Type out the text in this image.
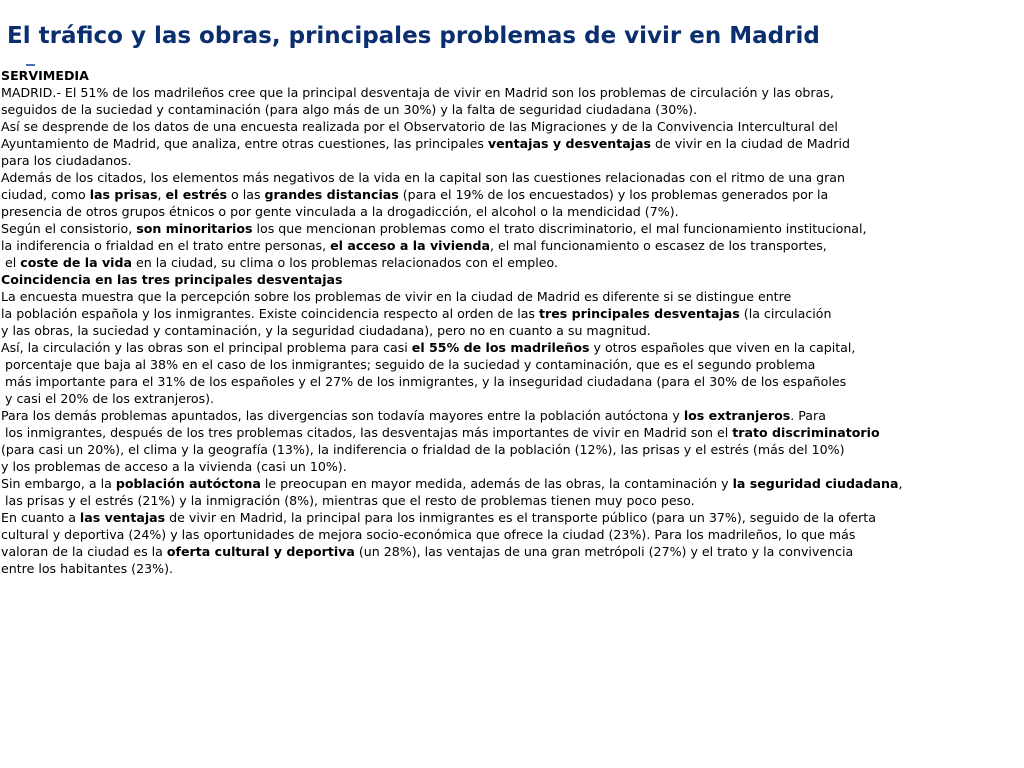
El tráfico y las obras, principales problemas de vivir en Madrid
SERVIMEDIA
MADRID.- El 51% de los madrileños cree que la principal desventaja de vivir en Madrid son los problemas de circulación y las obras,
seguidos de la suciedad y contaminación (para algo más de un 30%) y la falta de seguridad ciudadana (30%).
Así se desprende de los datos de una encuesta realizada por el Observatorio de las Migraciones y de la Convivencia Intercultural del
Ayuntamiento de Madrid, que analiza, entre otras cuestiones, las principales ventajas y desventajas de vivir en la ciudad de Madrid
para los ciudadanos.
Además de los citados, los elementos más negativos de la vida en la capital son las cuestiones relacionadas con el ritmo de una gran
ciudad, como las prisas, el estrés o las grandes distancias (para el 19% de los encuestados) y los problemas generados por la
presencia de otros grupos étnicos o por gente vinculada a la drogadicción, el alcohol o la mendicidad (7%).
Según el consistorio, son minoritarios los que mencionan problemas como el trato discriminatorio, el mal funcionamiento institucional,
la indiferencia o frialdad en el trato entre personas, el acceso a la vivienda, el mal funcionamiento o escasez de los transportes,
el coste de la vida en la ciudad, su clima o los problemas relacionados con el empleo.
Coincidencia en las tres principales desventajas
La encuesta muestra que la percepción sobre los problemas de vivir en la ciudad de Madrid es diferente si se distingue entre
la población española y los inmigrantes. Existe coincidencia respecto al orden de las tres principales desventajas (la circulación
y las obras, la suciedad y contaminación, y la seguridad ciudadana), pero no en cuanto a su magnitud.
Así, la circulación y las obras son el principal problema para casi el 55% de los madrileños y otros españoles que viven en la capital,
porcentaje que baja al 38% en el caso de los inmigrantes; seguido de la suciedad y contaminación, que es el segundo problema
más importante para el 31% de los españoles y el 27% de los inmigrantes, y la inseguridad ciudadana (para el 30% de los españoles
y casi el 20% de los extranjeros).
Para los demás problemas apuntados, las divergencias son todavía mayores entre la población autóctona y los extranjeros. Para
los inmigrantes, después de los tres problemas citados, las desventajas más importantes de vivir en Madrid son el trato discriminatorio
(para casi un 20%), el clima y la geografía (13%), la indiferencia o frialdad de la población (12%), las prisas y el estrés (más del 10%)
y los problemas de acceso a la vivienda (casi un 10%).
Sin embargo, a la población autóctona le preocupan en mayor medida, además de las obras, la contaminación y la seguridad ciudadana,
las prisas y el estrés (21%) y la inmigración (8%), mientras que el resto de problemas tienen muy poco peso.
En cuanto a las ventajas de vivir en Madrid, la principal para los inmigrantes es el transporte público (para un 37%), seguido de la oferta
cultural y deportiva (24%) y las oportunidades de mejora socio-económica que ofrece la ciudad (23%). Para los madrileños, lo que más
valoran de la ciudad es la oferta cultural y deportiva (un 28%), las ventajas de una gran metrópoli (27%) y el trato y la convivencia
entre los habitantes (23%).
